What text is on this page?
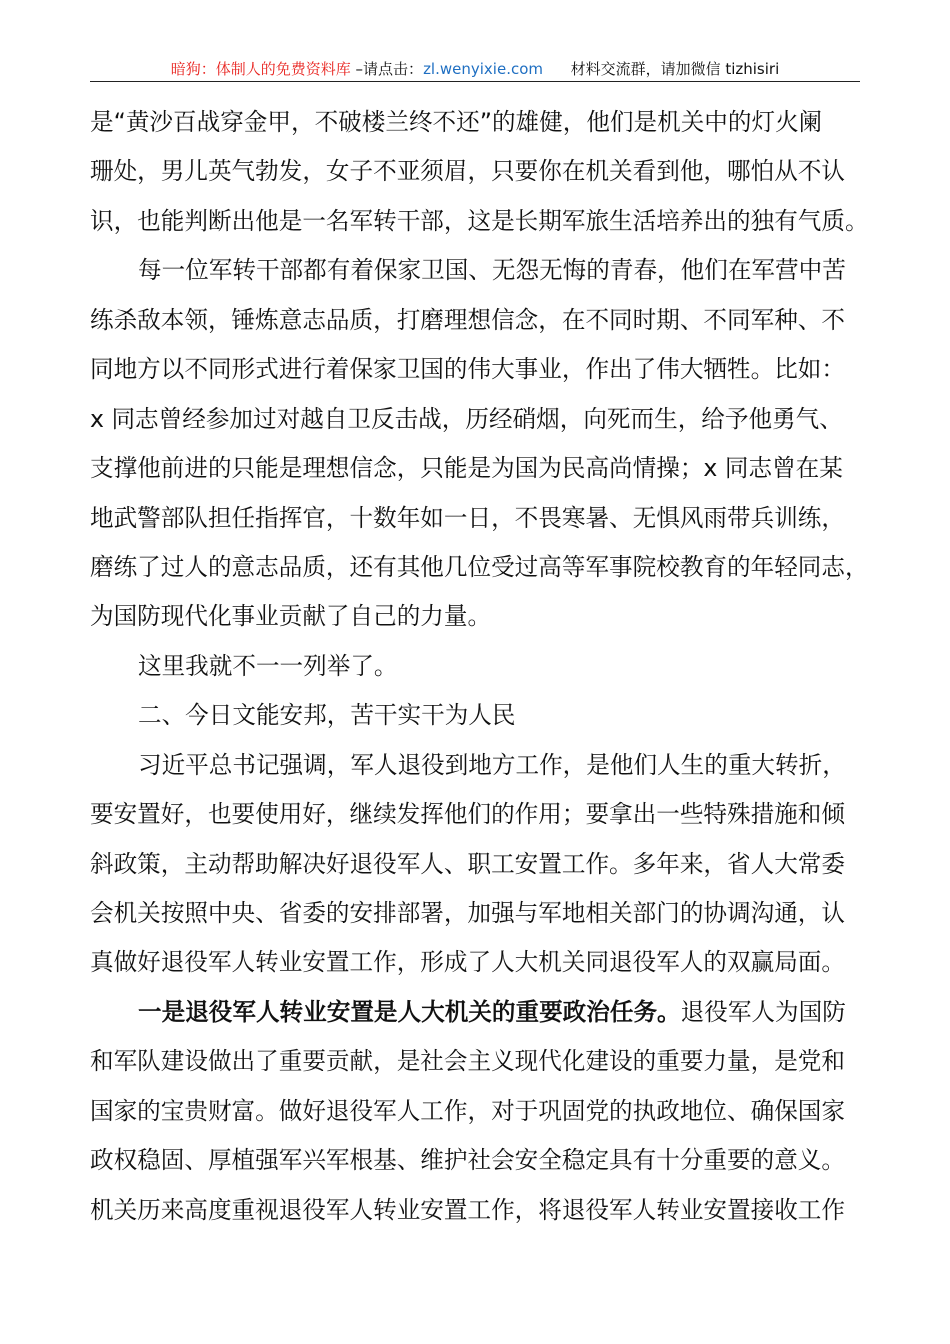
暗狗：体制人的免费资料库 –请点击：zl.wenyixie.com 材料交流群，请加微信 tizhisiri
是“黄沙百战穿金甲，不破楼兰终不还”的雄健，他们是机关中的灯火阑
珊处，男儿英气勃发，女子不亚须眉，只要你在机关看到他，哪怕从不认
识，也能判断出他是一名军转干部，这是长期军旅生活培养出的独有气质。
每一位军转干部都有着保家卫国、无怨无悔的青春，他们在军营中苦
练杀敌本领，锤炼意志品质，打磨理想信念，在不同时期、不同军种、不
同地方以不同形式进行着保家卫国的伟大事业，作出了伟大牺牲。比如：
x 同志曾经参加过对越自卫反击战，历经硝烟，向死而生，给予他勇气、
支撑他前进的只能是理想信念，只能是为国为民高尚情操；x 同志曾在某
地武警部队担任指挥官，十数年如一日，不畏寒暑、无惧风雨带兵训练，
磨练了过人的意志品质，还有其他几位受过高等军事院校教育的年轻同志，
为国防现代化事业贡献了自己的力量。
这里我就不一一列举了。
二、今日文能安邦，苦干实干为人民
习近平总书记强调，军人退役到地方工作，是他们人生的重大转折，
要安置好，也要使用好，继续发挥他们的作用；要拿出一些特殊措施和倾
斜政策，主动帮助解决好退役军人、职工安置工作。多年来，省人大常委
会机关按照中央、省委的安排部署，加强与军地相关部门的协调沟通，认
真做好退役军人转业安置工作，形成了人大机关同退役军人的双赢局面。
一是退役军人转业安置是人大机关的重要政治任务。退役军人为国防
和军队建设做出了重要贡献，是社会主义现代化建设的重要力量，是党和
国家的宝贵财富。做好退役军人工作，对于巩固党的执政地位、确保国家
政权稳固、厚植强军兴军根基、维护社会安全稳定具有十分重要的意义。
机关历来高度重视退役军人转业安置工作，将退役军人转业安置接收工作
